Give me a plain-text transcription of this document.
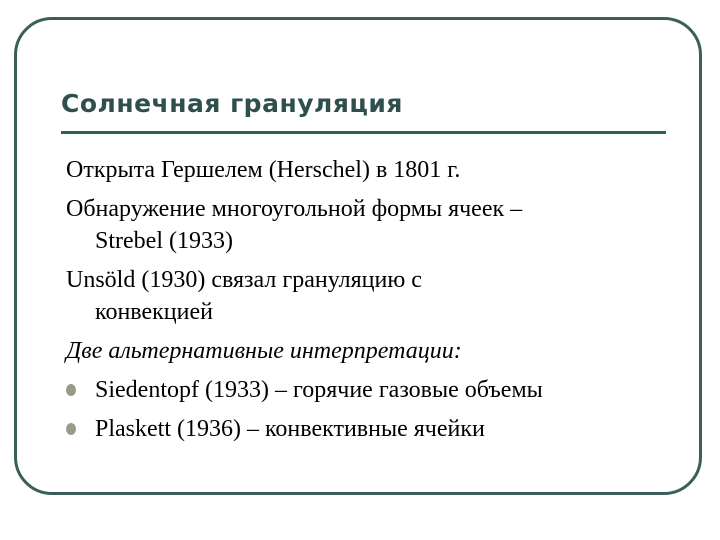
Солнечная грануляция

Открыта Гершелем (Herschel) в 1801 г.

Обнаружение многоугольной формы ячеек –
Strebel (1933)

Unsöld (1930) связал грануляцию с
конвекцией

Две альтернативные интерпретации:

Siedentopf (1933) – горячие газовые объемы
Plaskett (1936) – конвективные ячейки
